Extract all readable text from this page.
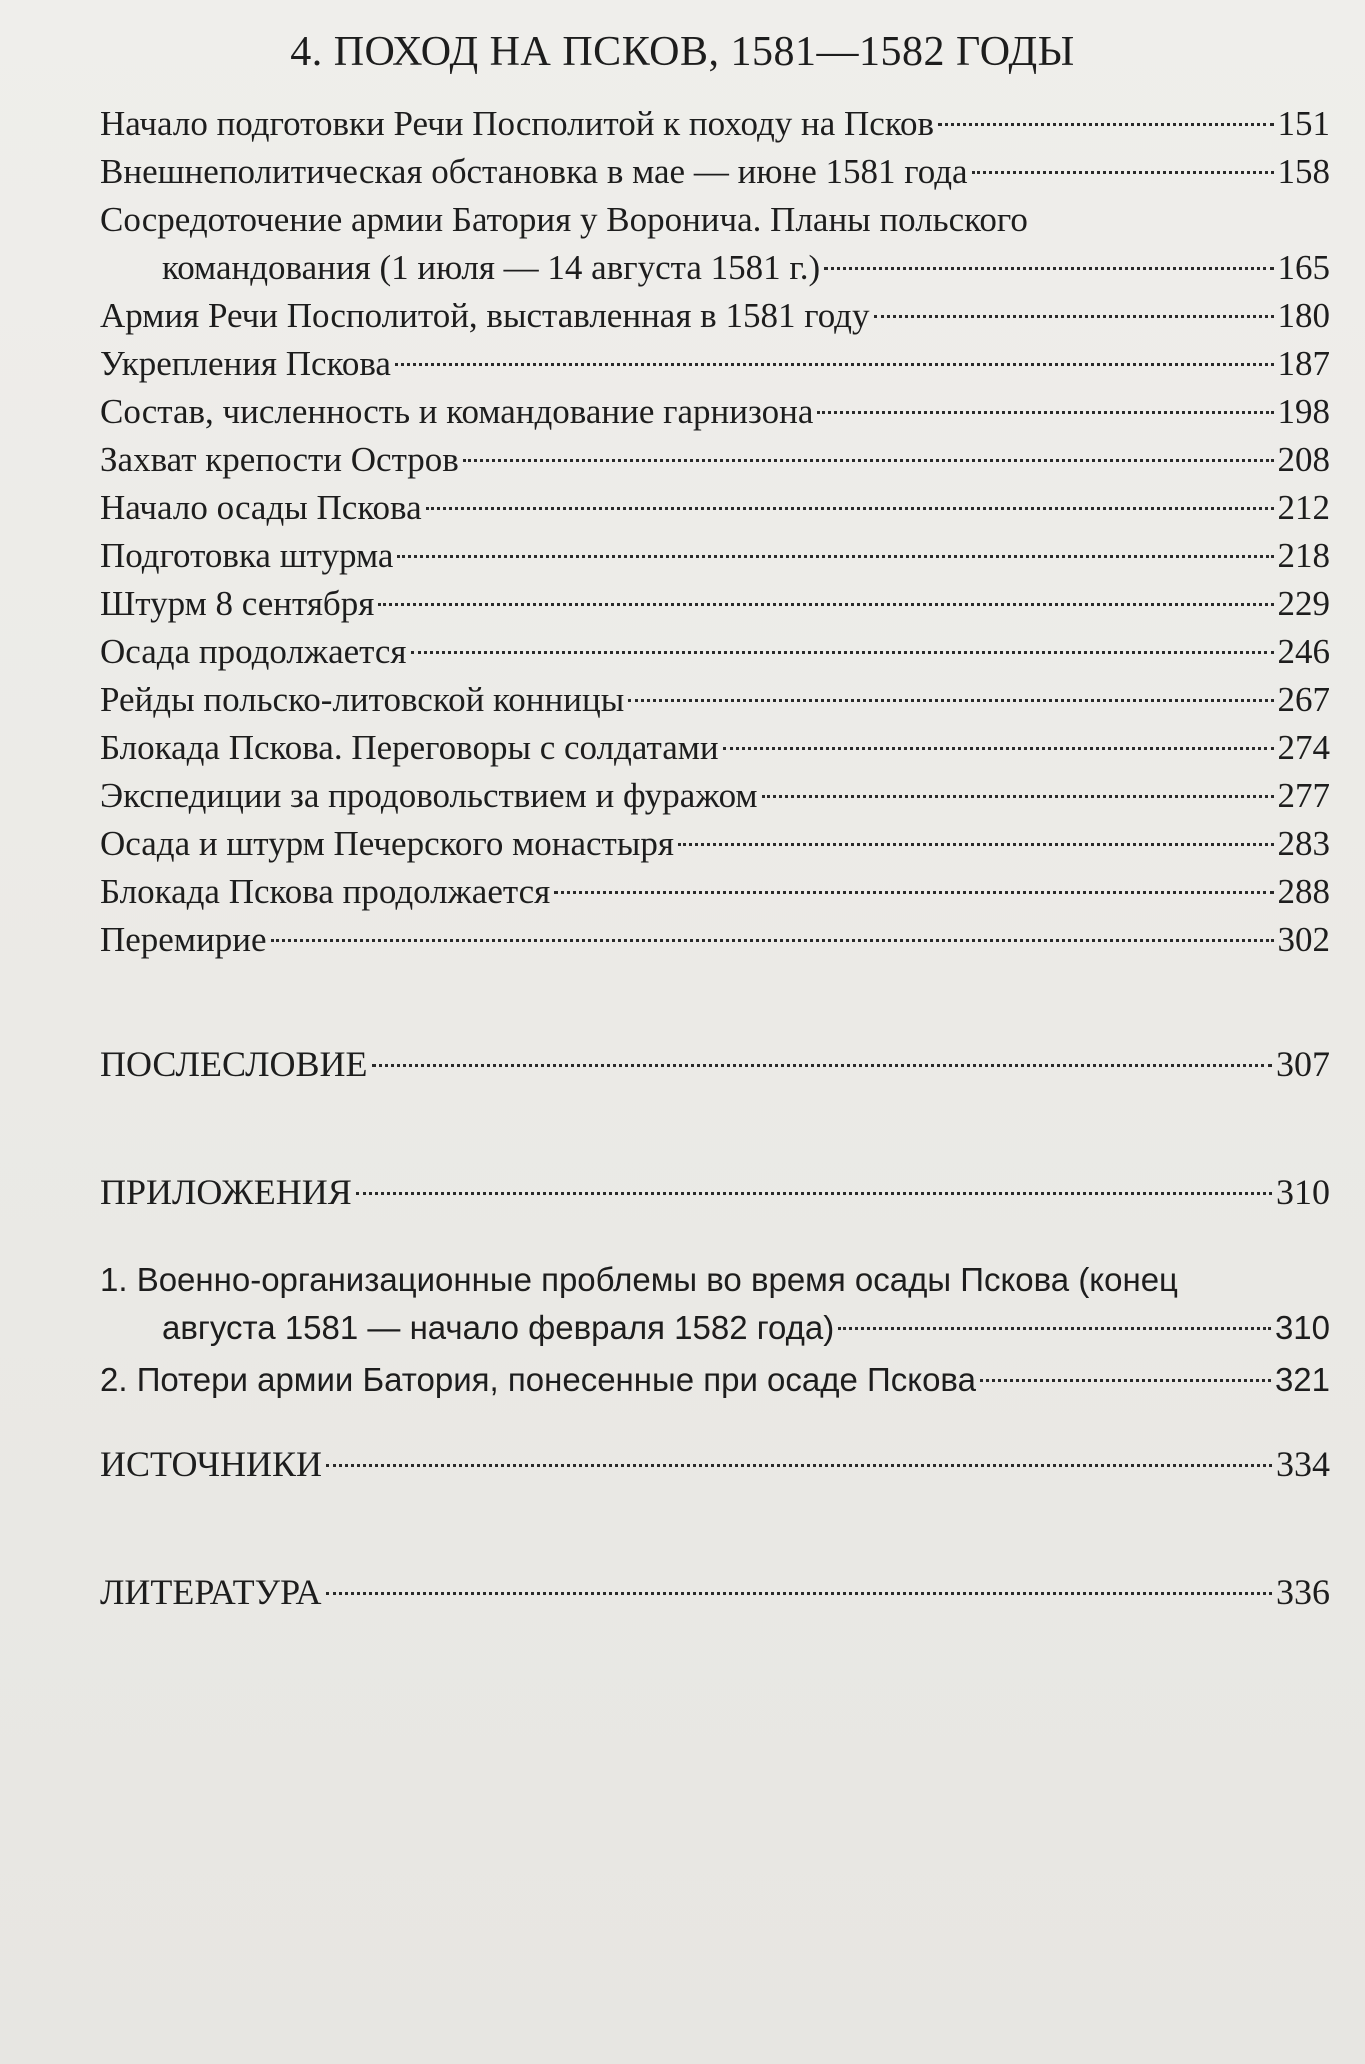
4. ПОХОД НА ПСКОВ, 1581—1582 ГОДЫ
Начало подготовки Речи Посполитой к походу на Псков	151
Внешнеполитическая обстановка в мае — июне 1581 года	158
Сосредоточение армии Батория у Воронича. Планы польского
командования (1 июля — 14 августа 1581 г.)	165
Армия Речи Посполитой, выставленная в 1581 году	180
Укрепления Пскова	187
Состав, численность и командование гарнизона	198
Захват крепости Остров	208
Начало осады Пскова	212
Подготовка штурма	218
Штурм 8 сентября	229
Осада продолжается	246
Рейды польско-литовской конницы	267
Блокада Пскова. Переговоры с солдатами	274
Экспедиции за продовольствием и фуражом	277
Осада и штурм Печерского монастыря	283
Блокада Пскова продолжается	288
Перемирие	302
ПОСЛЕСЛОВИЕ	307
ПРИЛОЖЕНИЯ	310
1. Военно-организационные проблемы во время осады Пскова (конец
августа 1581 — начало февраля 1582 года)	310
2. Потери армии Батория, понесенные при осаде Пскова	321
ИСТОЧНИКИ	334
ЛИТЕРАТУРА	336
